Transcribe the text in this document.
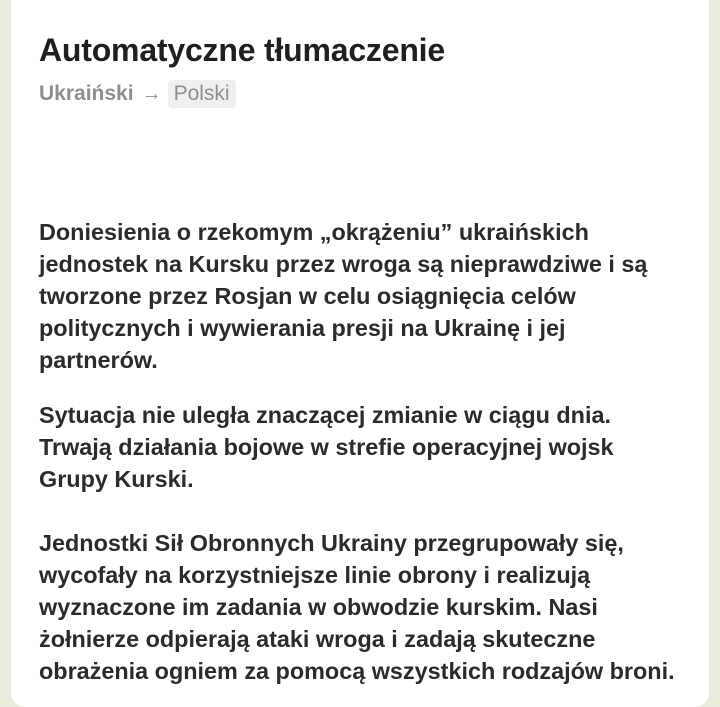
Automatyczne tłumaczenie
Ukraiński → Polski

Doniesienia o rzekomym „okrążeniu” ukraińskich jednostek na Kursku przez wroga są nieprawdziwe i są tworzone przez Rosjan w celu osiągnięcia celów politycznych i wywierania presji na Ukrainę i jej partnerów.

Sytuacja nie uległa znaczącej zmianie w ciągu dnia. Trwają działania bojowe w strefie operacyjnej wojsk Grupy Kurski.

Jednostki Sił Obronnych Ukrainy przegrupowały się, wycofały na korzystniejsze linie obrony i realizują wyznaczone im zadania w obwodzie kurskim. Nasi żołnierze odpierają ataki wroga i zadają skuteczne obrażenia ogniem za pomocą wszystkich rodzajów broni.
